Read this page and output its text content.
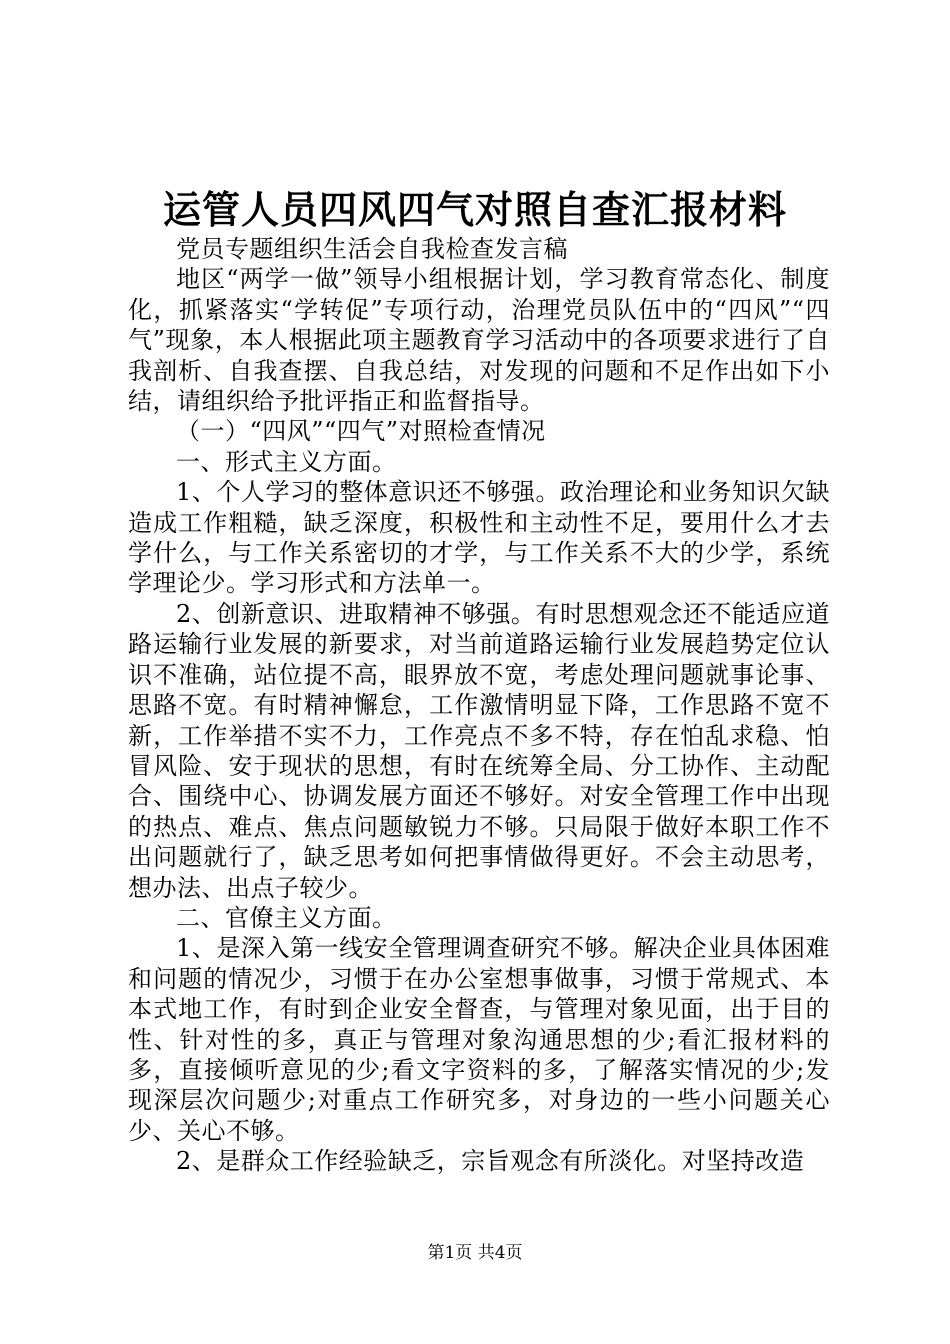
运管人员四风四气对照自查汇报材料

党员专题组织生活会自我检查发言稿

地区“两学一做”领导小组根据计划，学习教育常态化、制度化，抓紧落实“学转促”专项行动，治理党员队伍中的“四风”“四气”现象，本人根据此项主题教育学习活动中的各项要求进行了自我剖析、自我查摆、自我总结，对发现的问题和不足作出如下小结，请组织给予批评指正和监督指导。

（一）“四风”“四气”对照检查情况

一、形式主义方面。

1、个人学习的整体意识还不够强。政治理论和业务知识欠缺造成工作粗糙，缺乏深度，积极性和主动性不足，要用什么才去学什么，与工作关系密切的才学，与工作关系不大的少学，系统学理论少。学习形式和方法单一。

2、创新意识、进取精神不够强。有时思想观念还不能适应道路运输行业发展的新要求，对当前道路运输行业发展趋势定位认识不准确，站位提不高，眼界放不宽，考虑处理问题就事论事、思路不宽。有时精神懈怠，工作激情明显下降，工作思路不宽不新，工作举措不实不力，工作亮点不多不特，存在怕乱求稳、怕冒风险、安于现状的思想，有时在统筹全局、分工协作、主动配合、围绕中心、协调发展方面还不够好。对安全管理工作中出现的热点、难点、焦点问题敏锐力不够。只局限于做好本职工作不出问题就行了，缺乏思考如何把事情做得更好。不会主动思考，想办法、出点子较少。

二、官僚主义方面。

1、是深入第一线安全管理调查研究不够。解决企业具体困难和问题的情况少，习惯于在办公室想事做事，习惯于常规式、本本式地工作，有时到企业安全督查，与管理对象见面，出于目的性、针对性的多，真正与管理对象沟通思想的少;看汇报材料的多，直接倾听意见的少;看文字资料的多，了解落实情况的少;发现深层次问题少;对重点工作研究多，对身边的一些小问题关心少、关心不够。

2、是群众工作经验缺乏，宗旨观念有所淡化。对坚持改造

第1页 共4页
